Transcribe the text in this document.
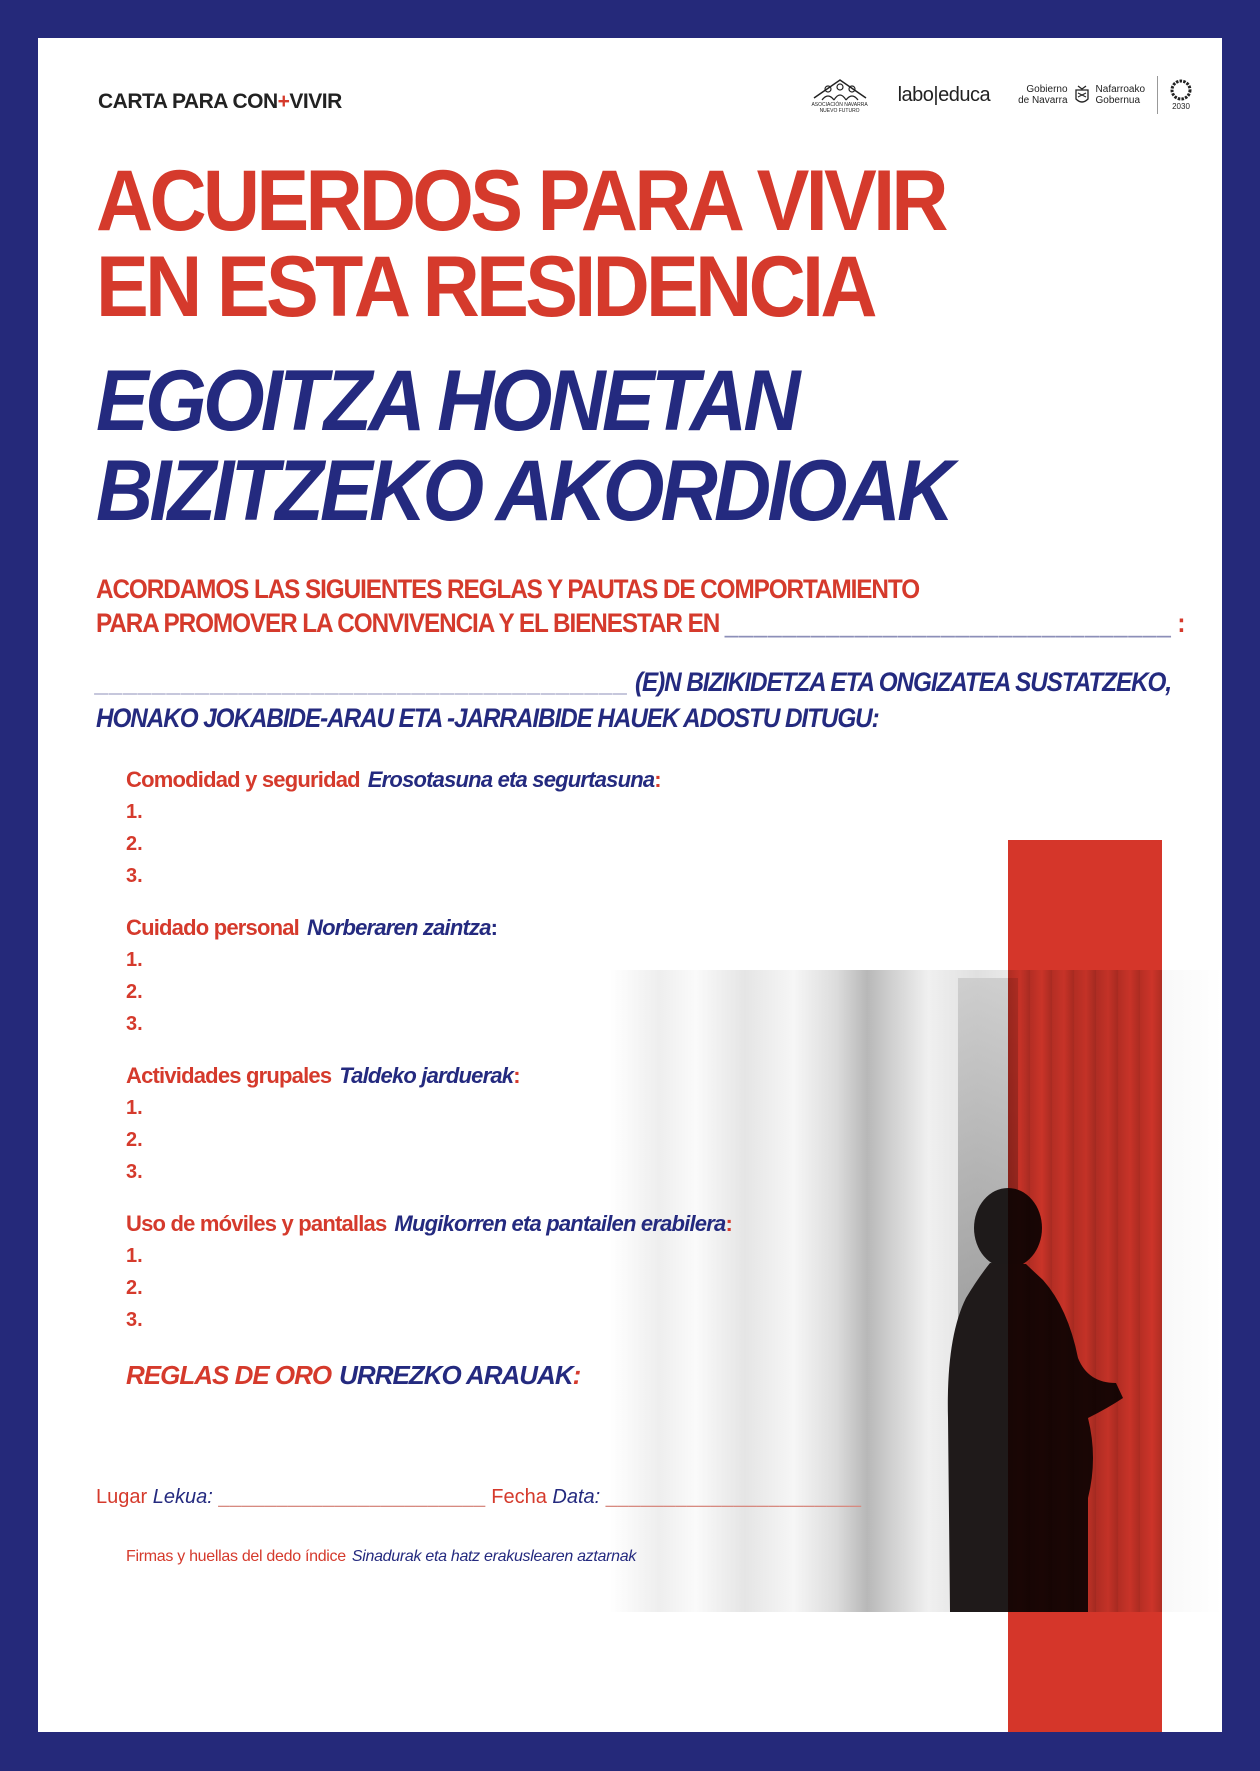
CARTA PARA CON+VIVIR	ASOCIACIÓN NAVARRA
NUEVO FUTURO
labo|educa	Gobierno
de Navarra
Nafarroako
Gobernua	2030
ACUERDOS PARA VIVIR
EN ESTA RESIDENCIA
EGOITZA HONETAN
BIZITZEKO AKORDIOAK
ACORDAMOS LAS SIGUIENTES REGLAS Y PAUTAS DE COMPORTAMIENTO
PARA PROMOVER LA CONVIVENCIA Y EL BIENESTAR EN _______________________________ :
_____________________________________ (E)N BIZIKIDETZA ETA ONGIZATEA SUSTATZEKO,
HONAKO JOKABIDE-ARAU ETA -JARRAIBIDE HAUEK ADOSTU DITUGU:
Comodidad y seguridad Erosotasuna eta segurtasuna:
1.
2.
3.
Cuidado personal Norberaren zaintza:
1.
2.
3.
Actividades grupales Taldeko jarduerak:
1.
2.
3.
Uso de móviles y pantallas Mugikorren eta pantailen erabilera:
1.
2.
3.
REGLAS DE ORO URREZKO ARAUAK:
Lugar Lekua: _______________________ Fecha Data: ______________________
Firmas y huellas del dedo índice Sinadurak eta hatz erakuslearen aztarnak
